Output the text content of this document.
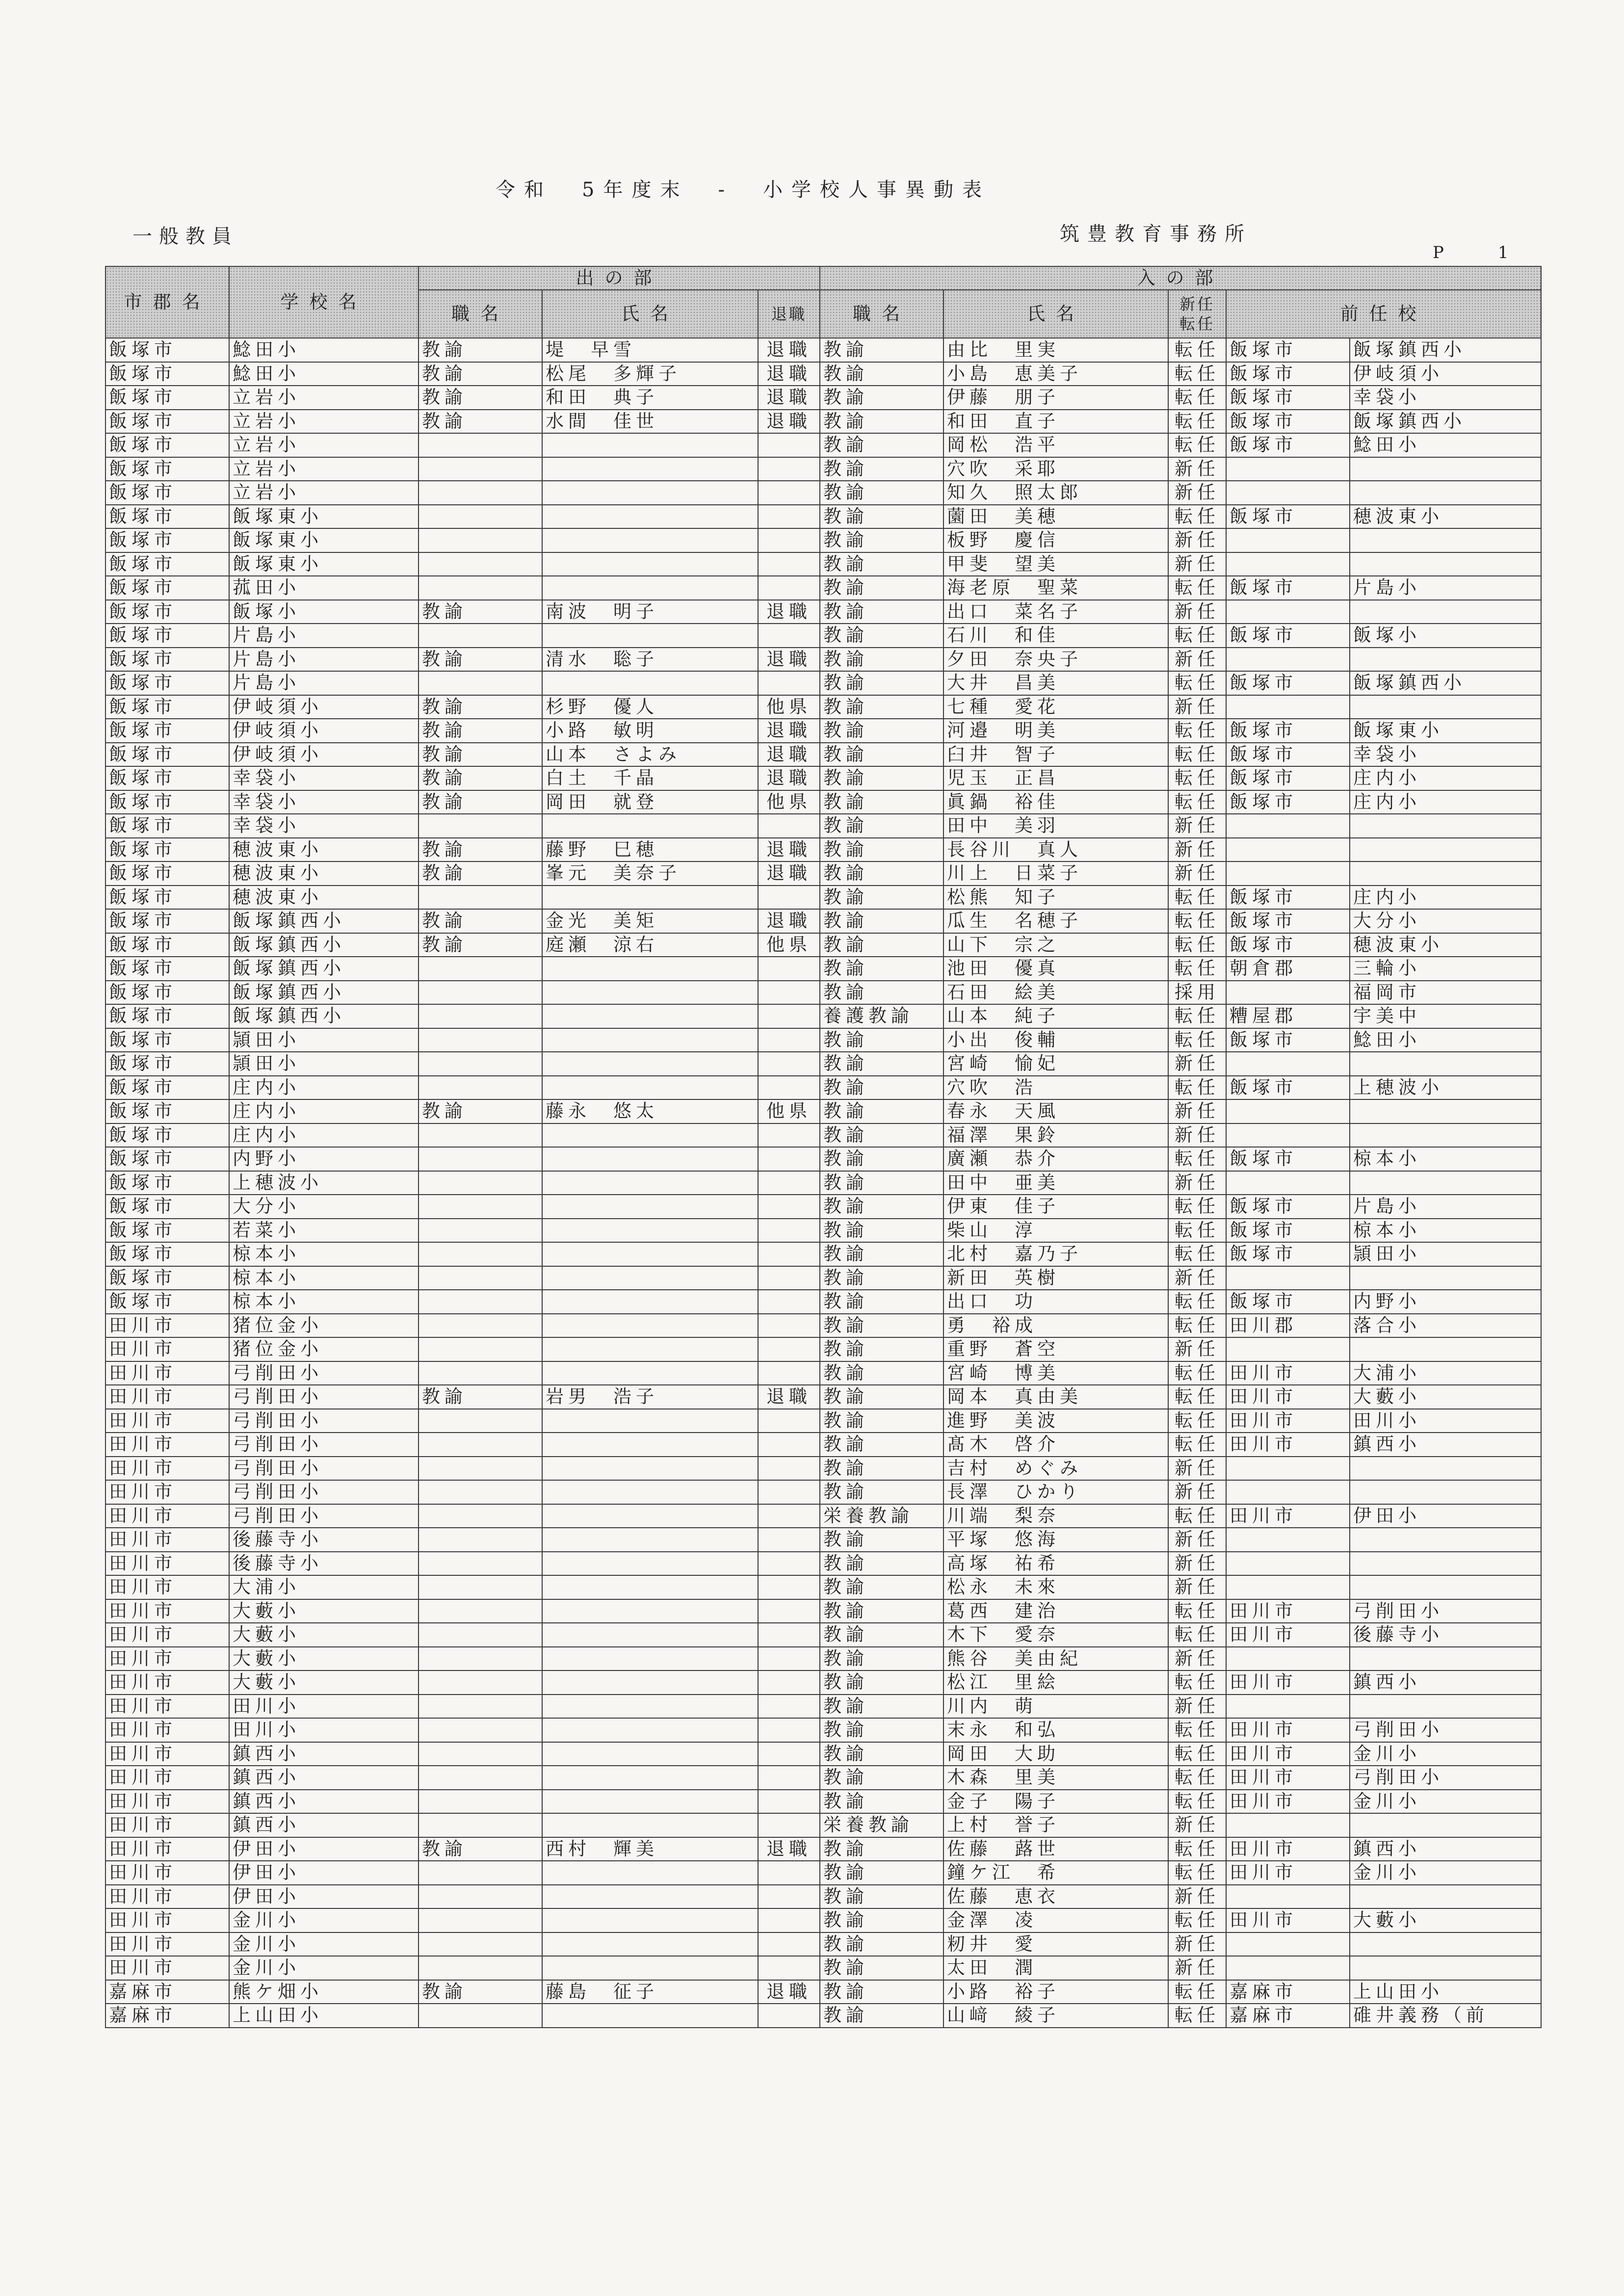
令和 5年度末 - 小学校人事異動表
一般教員	筑豊教育事務所
P	1
市郡名	学校名	出の部			入の部				
		職名	氏名	退職	職名	氏名	新任 転任	前任校	
飯塚市	鯰田小	教諭	堤　早雪	退職	教諭	由比　里実	転任	飯塚市	飯塚鎮西小
飯塚市	鯰田小	教諭	松尾　多輝子	退職	教諭	小島　恵美子	転任	飯塚市	伊岐須小
飯塚市	立岩小	教諭	和田　典子	退職	教諭	伊藤　朋子	転任	飯塚市	幸袋小
飯塚市	立岩小	教諭	水間　佳世	退職	教諭	和田　直子	転任	飯塚市	飯塚鎮西小
飯塚市	立岩小				教諭	岡松　浩平	転任	飯塚市	鯰田小
飯塚市	立岩小				教諭	穴吹　采耶	新任		
飯塚市	立岩小				教諭	知久　照太郎	新任		
飯塚市	飯塚東小				教諭	薗田　美穂	転任	飯塚市	穂波東小
飯塚市	飯塚東小				教諭	板野　慶信	新任		
飯塚市	飯塚東小				教諭	甲斐　望美	新任		
飯塚市	菰田小				教諭	海老原　聖菜	転任	飯塚市	片島小
飯塚市	飯塚小	教諭	南波　明子	退職	教諭	出口　菜名子	新任		
飯塚市	片島小				教諭	石川　和佳	転任	飯塚市	飯塚小
飯塚市	片島小	教諭	清水　聡子	退職	教諭	夕田　奈央子	新任		
飯塚市	片島小				教諭	大井　昌美	転任	飯塚市	飯塚鎮西小
飯塚市	伊岐須小	教諭	杉野　優人	他県	教諭	七種　愛花	新任		
飯塚市	伊岐須小	教諭	小路　敏明	退職	教諭	河邉　明美	転任	飯塚市	飯塚東小
飯塚市	伊岐須小	教諭	山本　さよみ	退職	教諭	臼井　智子	転任	飯塚市	幸袋小
飯塚市	幸袋小	教諭	白土　千晶	退職	教諭	児玉　正昌	転任	飯塚市	庄内小
飯塚市	幸袋小	教諭	岡田　就登	他県	教諭	眞鍋　裕佳	転任	飯塚市	庄内小
飯塚市	幸袋小				教諭	田中　美羽	新任		
飯塚市	穂波東小	教諭	藤野　巳穂	退職	教諭	長谷川　真人	新任		
飯塚市	穂波東小	教諭	峯元　美奈子	退職	教諭	川上　日菜子	新任		
飯塚市	穂波東小				教諭	松熊　知子	転任	飯塚市	庄内小
飯塚市	飯塚鎮西小	教諭	金光　美矩	退職	教諭	瓜生　名穂子	転任	飯塚市	大分小
飯塚市	飯塚鎮西小	教諭	庭瀬　涼右	他県	教諭	山下　宗之	転任	飯塚市	穂波東小
飯塚市	飯塚鎮西小				教諭	池田　優真	転任	朝倉郡	三輪小
飯塚市	飯塚鎮西小				教諭	石田　絵美	採用		福岡市
飯塚市	飯塚鎮西小				養護教諭	山本　純子	転任	糟屋郡	宇美中
飯塚市	頴田小				教諭	小出　俊輔	転任	飯塚市	鯰田小
飯塚市	頴田小				教諭	宮崎　愉妃	新任		
飯塚市	庄内小				教諭	穴吹　浩	転任	飯塚市	上穂波小
飯塚市	庄内小	教諭	藤永　悠太	他県	教諭	春永　天風	新任		
飯塚市	庄内小				教諭	福澤　果鈴	新任		
飯塚市	内野小				教諭	廣瀬　恭介	転任	飯塚市	椋本小
飯塚市	上穂波小				教諭	田中　亜美	新任		
飯塚市	大分小				教諭	伊東　佳子	転任	飯塚市	片島小
飯塚市	若菜小				教諭	柴山　淳	転任	飯塚市	椋本小
飯塚市	椋本小				教諭	北村　嘉乃子	転任	飯塚市	頴田小
飯塚市	椋本小				教諭	新田　英樹	新任		
飯塚市	椋本小				教諭	出口　功	転任	飯塚市	内野小
田川市	猪位金小				教諭	勇　裕成	転任	田川郡	落合小
田川市	猪位金小				教諭	重野　蒼空	新任		
田川市	弓削田小				教諭	宮崎　博美	転任	田川市	大浦小
田川市	弓削田小	教諭	岩男　浩子	退職	教諭	岡本　真由美	転任	田川市	大藪小
田川市	弓削田小				教諭	進野　美波	転任	田川市	田川小
田川市	弓削田小				教諭	髙木　啓介	転任	田川市	鎮西小
田川市	弓削田小				教諭	吉村　めぐみ	新任		
田川市	弓削田小				教諭	長澤　ひかり	新任		
田川市	弓削田小				栄養教諭	川端　梨奈	転任	田川市	伊田小
田川市	後藤寺小				教諭	平塚　悠海	新任		
田川市	後藤寺小				教諭	高塚　祐希	新任		
田川市	大浦小				教諭	松永　未來	新任		
田川市	大藪小				教諭	葛西　建治	転任	田川市	弓削田小
田川市	大藪小				教諭	木下　愛奈	転任	田川市	後藤寺小
田川市	大藪小				教諭	熊谷　美由紀	新任		
田川市	大藪小				教諭	松江　里絵	転任	田川市	鎮西小
田川市	田川小				教諭	川内　萌	新任		
田川市	田川小				教諭	末永　和弘	転任	田川市	弓削田小
田川市	鎮西小				教諭	岡田　大助	転任	田川市	金川小
田川市	鎮西小				教諭	木森　里美	転任	田川市	弓削田小
田川市	鎮西小				教諭	金子　陽子	転任	田川市	金川小
田川市	鎮西小				栄養教諭	上村　誉子	新任		
田川市	伊田小	教諭	西村　輝美	退職	教諭	佐藤　蕗世	転任	田川市	鎮西小
田川市	伊田小				教諭	鐘ケ江　希	転任	田川市	金川小
田川市	伊田小				教諭	佐藤　恵衣	新任		
田川市	金川小				教諭	金澤　凌	転任	田川市	大藪小
田川市	金川小				教諭	籾井　愛	新任		
田川市	金川小				教諭	太田　潤	新任		
嘉麻市	熊ケ畑小	教諭	藤島　征子	退職	教諭	小路　裕子	転任	嘉麻市	上山田小
嘉麻市	上山田小				教諭	山﨑　綾子	転任	嘉麻市	碓井義務（前
